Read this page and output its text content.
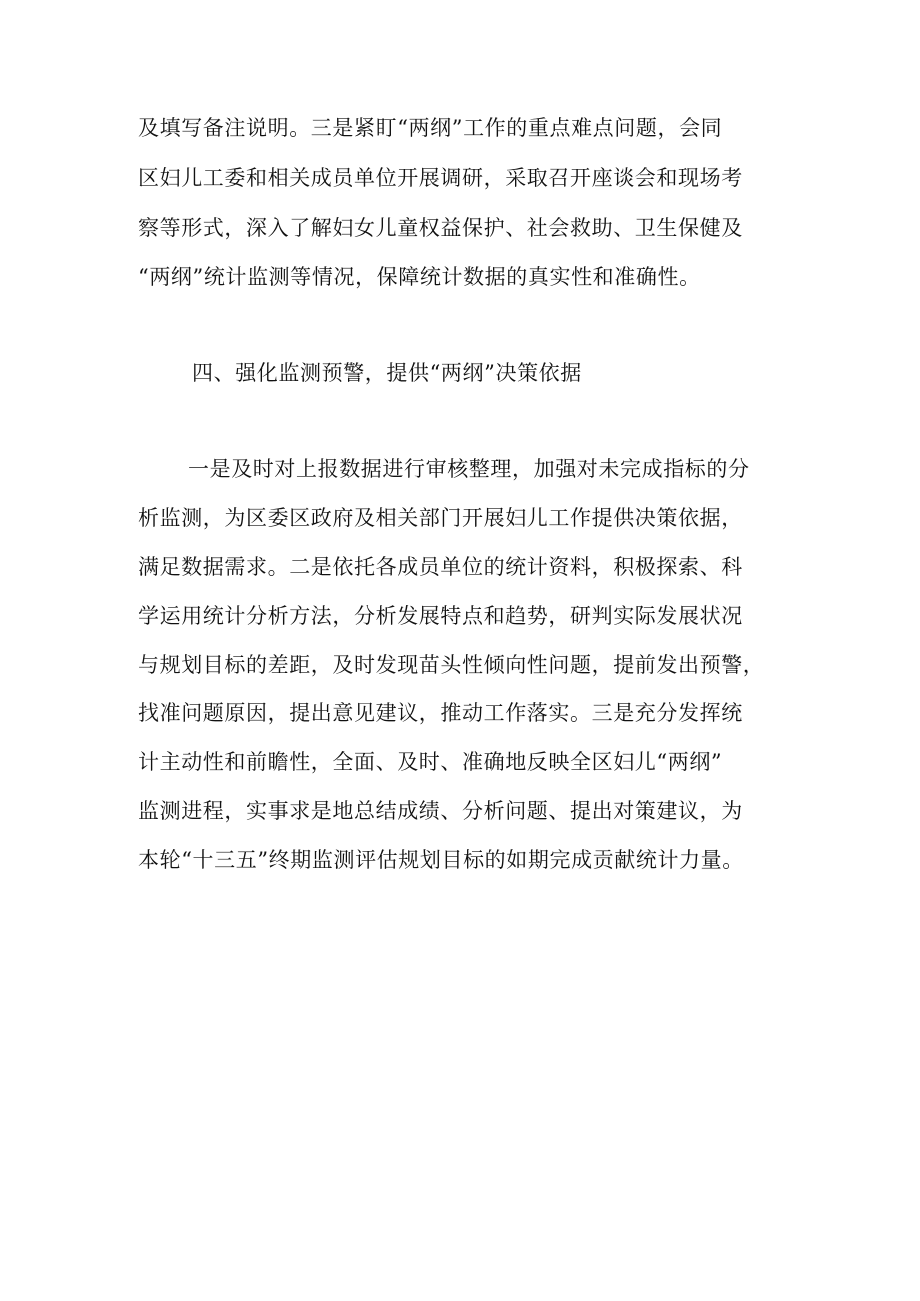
及填写备注说明。三是紧盯“两纲”工作的重点难点问题，会同
区妇儿工委和相关成员单位开展调研，采取召开座谈会和现场考
察等形式，深入了解妇女儿童权益保护、社会救助、卫生保健及
“两纲”统计监测等情况，保障统计数据的真实性和准确性。
四、强化监测预警，提供“两纲”决策依据
一是及时对上报数据进行审核整理，加强对未完成指标的分
析监测，为区委区政府及相关部门开展妇儿工作提供决策依据，
满足数据需求。二是依托各成员单位的统计资料，积极探索、科
学运用统计分析方法，分析发展特点和趋势，研判实际发展状况
与规划目标的差距，及时发现苗头性倾向性问题，提前发出预警，
找准问题原因，提出意见建议，推动工作落实。三是充分发挥统
计主动性和前瞻性，全面、及时、准确地反映全区妇儿“两纲”
监测进程，实事求是地总结成绩、分析问题、提出对策建议，为
本轮“十三五”终期监测评估规划目标的如期完成贡献统计力量。
